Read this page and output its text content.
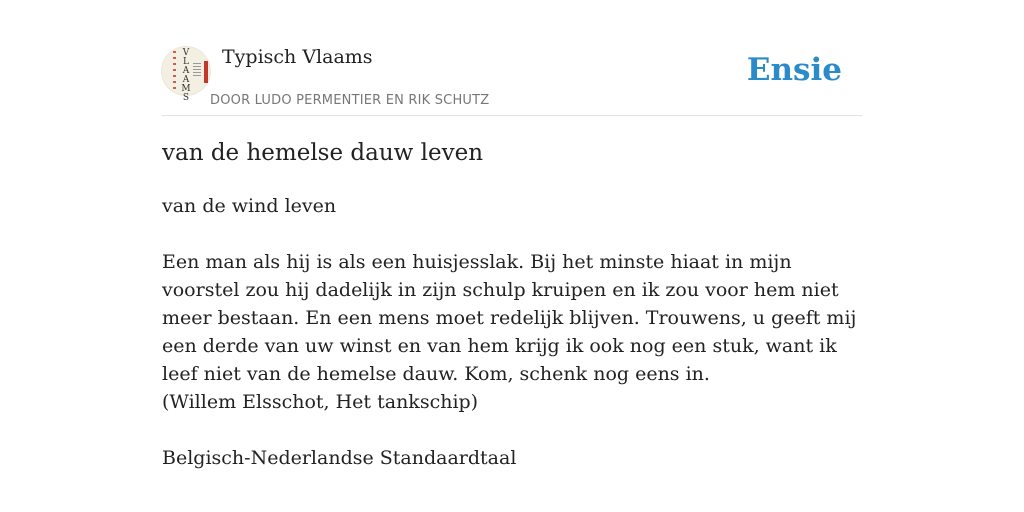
V
L
A
A
M
S
Typisch Vlaams
DOOR LUDO PERMENTIER EN RIK SCHUTZ
Ensie
van de hemelse dauw leven

van de wind leven

Een man als hij is als een huisjesslak. Bij het minste hiaat in mijn voorstel zou hij dadelijk in zijn schulp kruipen en ik zou voor hem niet meer bestaan. En een mens moet redelijk blijven. Trouwens, u geeft mij een derde van uw winst en van hem krijg ik ook nog een stuk, want ik leef niet van de hemelse dauw. Kom, schenk nog eens in.

(Willem Elsschot, Het tankschip)

Belgisch-Nederlandse Standaardtaal
